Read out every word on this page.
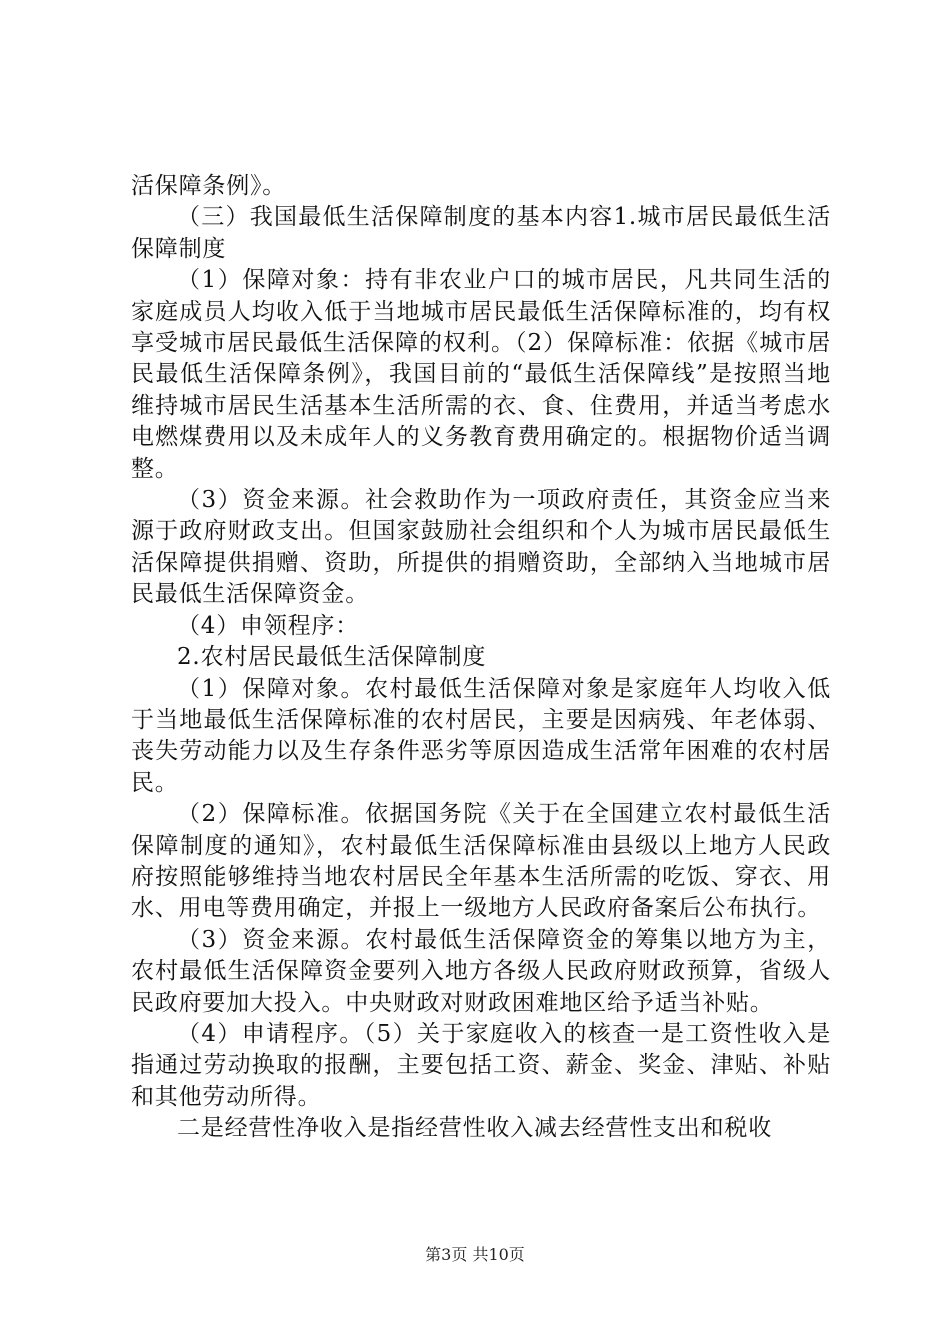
活保障条例》。

（三）我国最低生活保障制度的基本内容1.城市居民最低生活保障制度

（1）保障对象：持有非农业户口的城市居民，凡共同生活的家庭成员人均收入低于当地城市居民最低生活保障标准的，均有权享受城市居民最低生活保障的权利。（2）保障标准：依据《城市居民最低生活保障条例》，我国目前的“最低生活保障线”是按照当地维持城市居民生活基本生活所需的衣、食、住费用，并适当考虑水电燃煤费用以及未成年人的义务教育费用确定的。根据物价适当调整。

（3）资金来源。社会救助作为一项政府责任，其资金应当来源于政府财政支出。但国家鼓励社会组织和个人为城市居民最低生活保障提供捐赠、资助，所提供的捐赠资助，全部纳入当地城市居民最低生活保障资金。

（4）申领程序：

2.农村居民最低生活保障制度

（1）保障对象。农村最低生活保障对象是家庭年人均收入低于当地最低生活保障标准的农村居民，主要是因病残、年老体弱、丧失劳动能力以及生存条件恶劣等原因造成生活常年困难的农村居民。

（2）保障标准。依据国务院《关于在全国建立农村最低生活保障制度的通知》，农村最低生活保障标准由县级以上地方人民政府按照能够维持当地农村居民全年基本生活所需的吃饭、穿衣、用水、用电等费用确定，并报上一级地方人民政府备案后公布执行。

（3）资金来源。农村最低生活保障资金的筹集以地方为主，农村最低生活保障资金要列入地方各级人民政府财政预算，省级人民政府要加大投入。中央财政对财政困难地区给予适当补贴。

（4）申请程序。（5）关于家庭收入的核查一是工资性收入是指通过劳动换取的报酬，主要包括工资、薪金、奖金、津贴、补贴和其他劳动所得。

二是经营性净收入是指经营性收入减去经营性支出和税收

第3页 共10页
